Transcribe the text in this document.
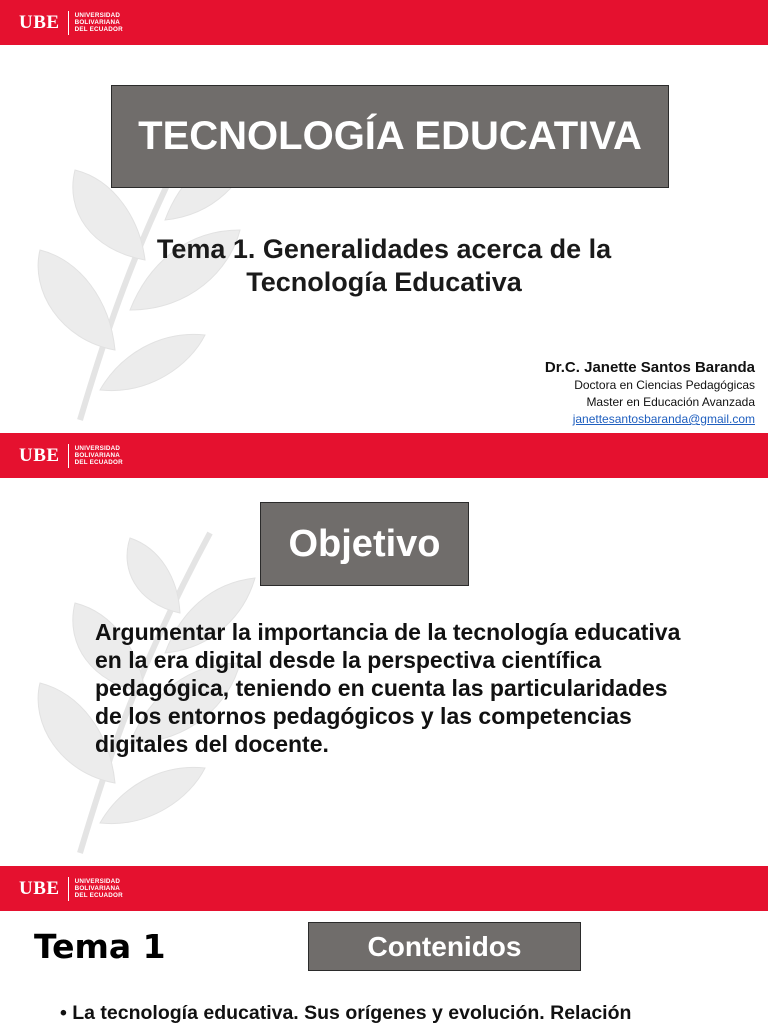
UBE UNIVERSIDAD
BOLIVARIANA
DEL ECUADOR
TECNOLOGÍA EDUCATIVA
Tema 1. Generalidades acerca de la
Tecnología Educativa
Dr.C. Janette Santos Baranda
Doctora en Ciencias Pedagógicas
Master en Educación Avanzada
janettesantosbaranda@gmail.com
UBE UNIVERSIDAD
BOLIVARIANA
DEL ECUADOR
Objetivo
Argumentar la importancia de la tecnología educativa en la era digital desde la perspectiva científica pedagógica, teniendo en cuenta las particularidades de los entornos pedagógicos y las competencias digitales del docente.
UBE UNIVERSIDAD
BOLIVARIANA
DEL ECUADOR
Tema 1	Contenidos
• La tecnología educativa. Sus orígenes y evolución. Relación
